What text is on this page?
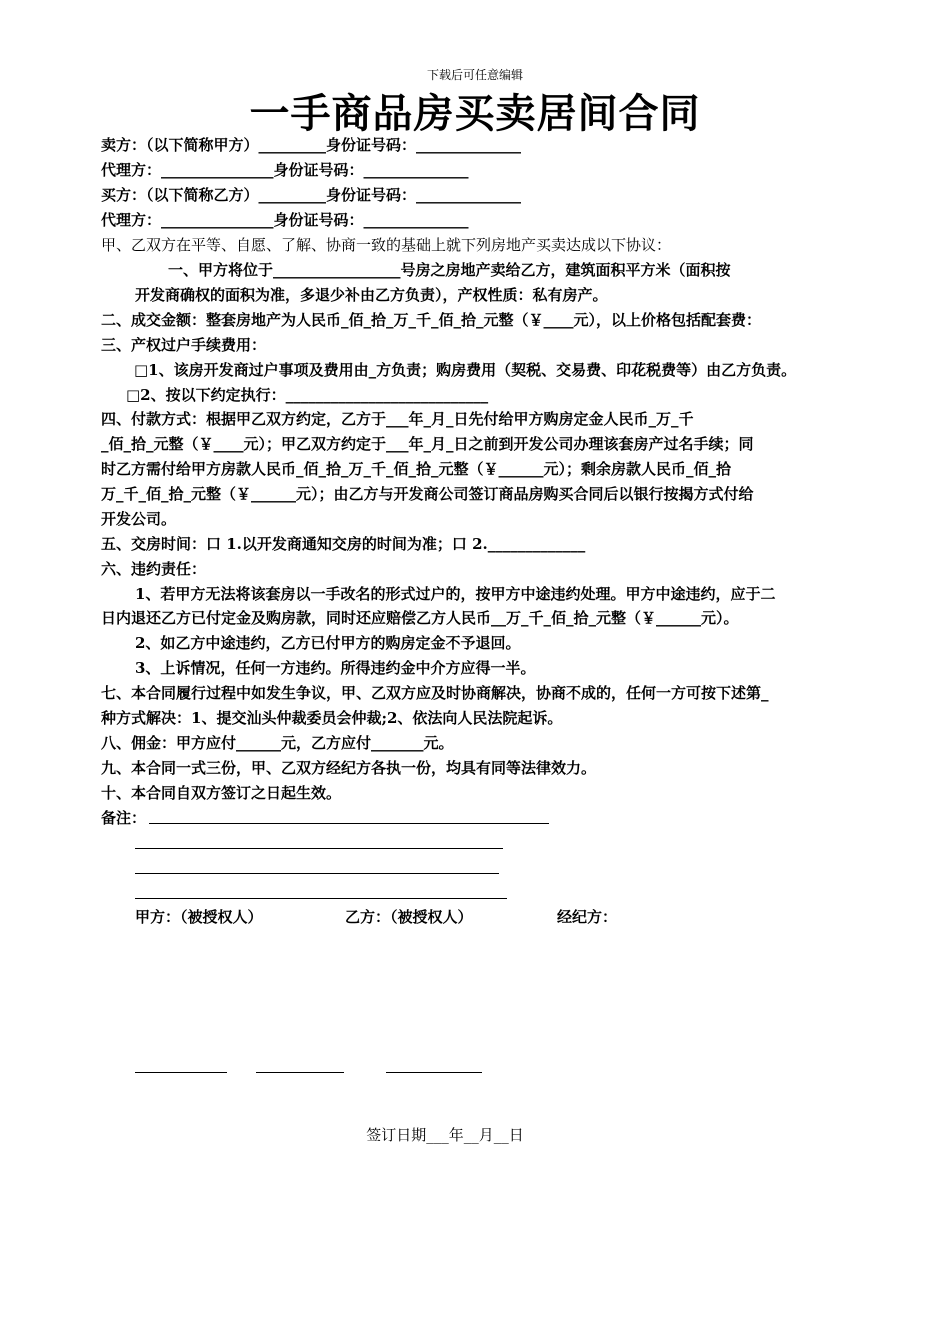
下载后可任意编辑
一手商品房买卖居间合同
卖方：（以下简称甲方）_________身份证号码：______________
代理方：_______________身份证号码：______________
买方：（以下简称乙方）_________身份证号码：______________
代理方：_______________身份证号码：______________
甲、乙双方在平等、自愿、了解、协商一致的基础上就下列房地产买卖达成以下协议：
一、甲方将位于_________________号房之房地产卖给乙方，建筑面积平方米（面积按
开发商确权的面积为准，多退少补由乙方负责），产权性质：私有房产。
二、成交金额：整套房地产为人民币_佰_拾_万_千_佰_拾_元整（￥____元），以上价格包括配套费：
三、产权过户手续费用：
□1、该房开发商过户事项及费用由_方负责；购房费用（契税、交易费、印花税费等）由乙方负责。
□2、按以下约定执行：___________________________
四、付款方式：根据甲乙双方约定，乙方于___年_月_日先付给甲方购房定金人民币_万_千
_佰_拾_元整（￥____元）；甲乙双方约定于___年_月_日之前到开发公司办理该套房产过名手续；同
时乙方需付给甲方房款人民币_佰_拾_万_千_佰_拾_元整（￥______元）；剩余房款人民币_佰_拾
万_千_佰_拾_元整（￥______元）；由乙方与开发商公司签订商品房购买合同后以银行按揭方式付给
开发公司。
五、交房时间：口 1.以开发商通知交房的时间为准；口 2._____________
六、违约责任：
1、若甲方无法将该套房以一手改名的形式过户的，按甲方中途违约处理。甲方中途违约，应于二
日内退还乙方已付定金及购房款，同时还应赔偿乙方人民币__万_千_佰_拾_元整（￥______元）。
2、如乙方中途违约，乙方已付甲方的购房定金不予退回。
3、上诉情况，任何一方违约。所得违约金中介方应得一半。
七、本合同履行过程中如发生争议，甲、乙双方应及时协商解决，协商不成的，任何一方可按下述第_
种方式解决：1、提交汕头仲裁委员会仲裁;2、依法向人民法院起诉。
八、佣金：甲方应付______元，乙方应付_______元。
九、本合同一式三份，甲、乙双方经纪方各执一份，均具有同等法律效力。
十、本合同自双方签订之日起生效。
备注：
甲方：（被授权人）	乙方：（被授权人）	经纪方：
签订日期___年__月__日
